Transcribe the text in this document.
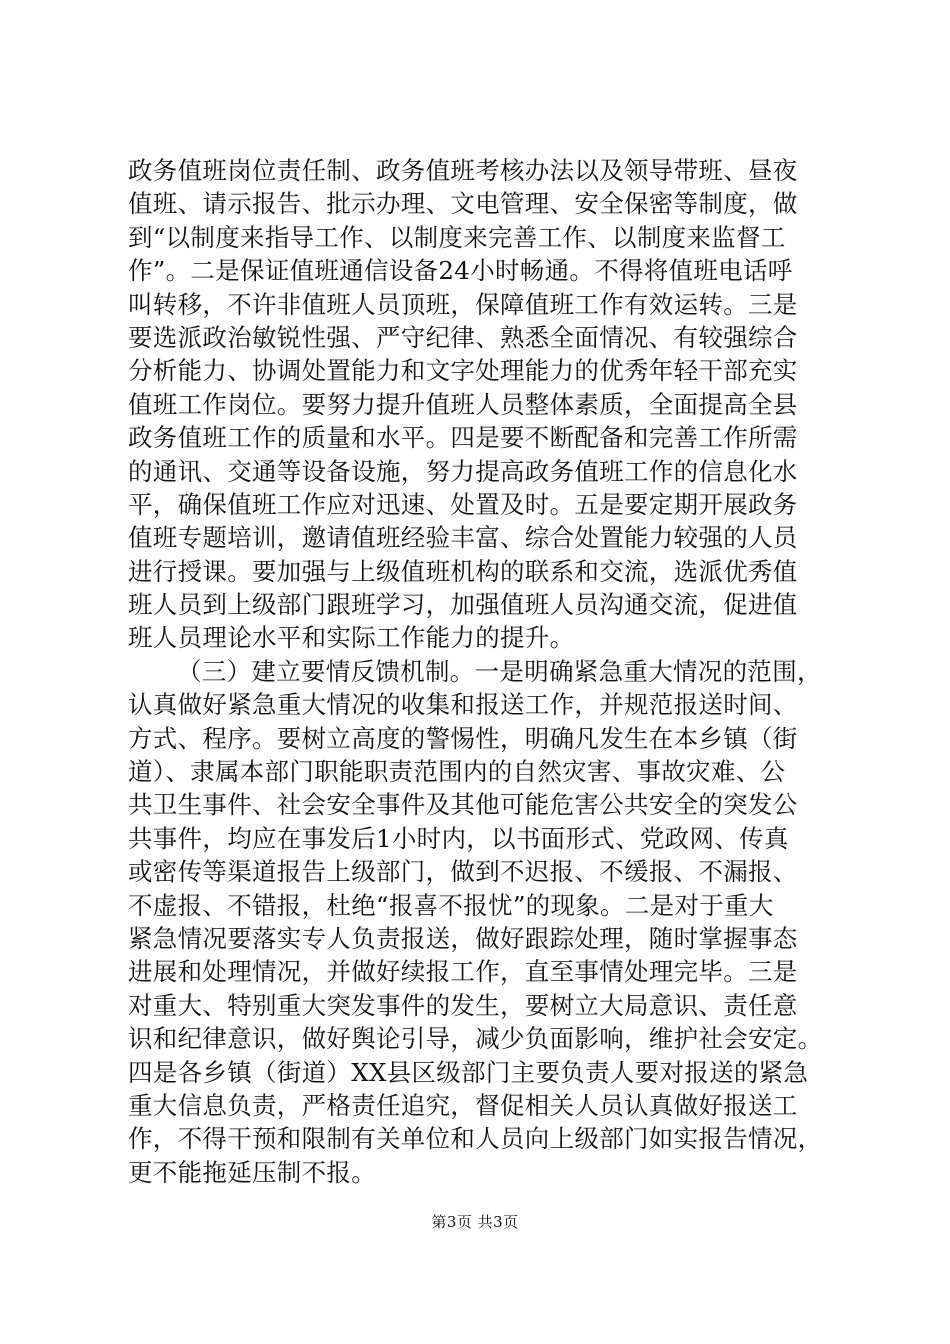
政务值班岗位责任制、政务值班考核办法以及领导带班、昼夜
值班、请示报告、批示办理、文电管理、安全保密等制度，做
到“以制度来指导工作、以制度来完善工作、以制度来监督工
作”。二是保证值班通信设备24小时畅通。不得将值班电话呼
叫转移，不许非值班人员顶班，保障值班工作有效运转。三是
要选派政治敏锐性强、严守纪律、熟悉全面情况、有较强综合
分析能力、协调处置能力和文字处理能力的优秀年轻干部充实
值班工作岗位。要努力提升值班人员整体素质，全面提高全县
政务值班工作的质量和水平。四是要不断配备和完善工作所需
的通讯、交通等设备设施，努力提高政务值班工作的信息化水
平，确保值班工作应对迅速、处置及时。五是要定期开展政务
值班专题培训，邀请值班经验丰富、综合处置能力较强的人员
进行授课。要加强与上级值班机构的联系和交流，选派优秀值
班人员到上级部门跟班学习，加强值班人员沟通交流，促进值
班人员理论水平和实际工作能力的提升。
（三）建立要情反馈机制。一是明确紧急重大情况的范围，
认真做好紧急重大情况的收集和报送工作，并规范报送时间、
方式、程序。要树立高度的警惕性，明确凡发生在本乡镇（街
道）、隶属本部门职能职责范围内的自然灾害、事故灾难、公
共卫生事件、社会安全事件及其他可能危害公共安全的突发公
共事件，均应在事发后1小时内，以书面形式、党政网、传真
或密传等渠道报告上级部门，做到不迟报、不缓报、不漏报、
不虚报、不错报，杜绝“报喜不报忧”的现象。二是对于重大
紧急情况要落实专人负责报送，做好跟踪处理，随时掌握事态
进展和处理情况，并做好续报工作，直至事情处理完毕。三是
对重大、特别重大突发事件的发生，要树立大局意识、责任意
识和纪律意识，做好舆论引导，减少负面影响，维护社会安定。
四是各乡镇（街道）XX县区级部门主要负责人要对报送的紧急
重大信息负责，严格责任追究，督促相关人员认真做好报送工
作，不得干预和限制有关单位和人员向上级部门如实报告情况，
更不能拖延压制不报。
第3页 共3页
